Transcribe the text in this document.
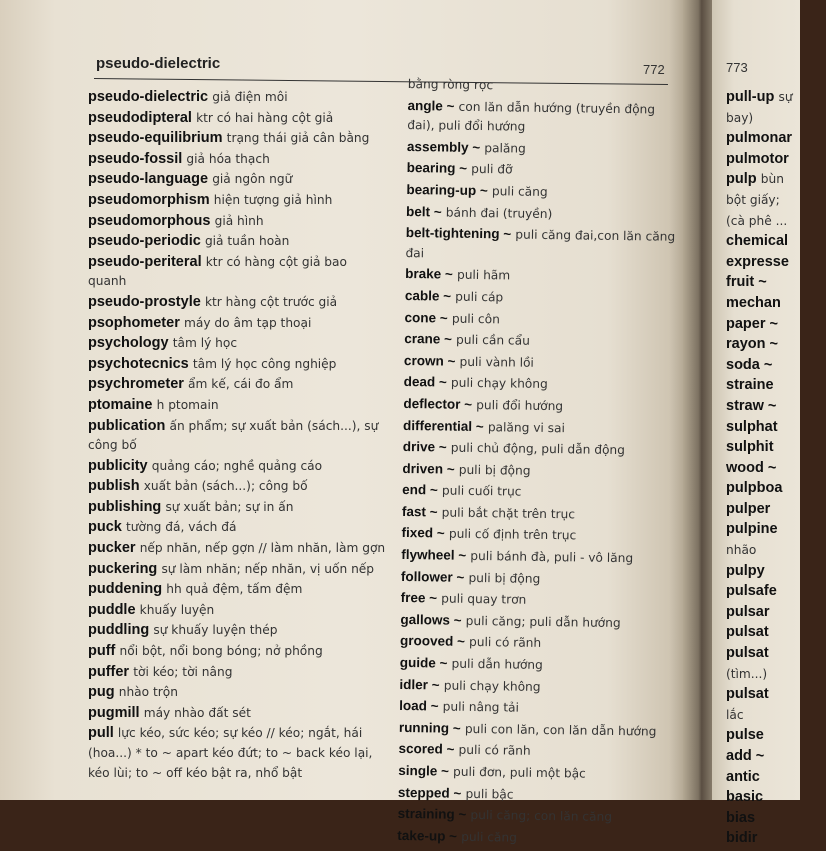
pseudo-dielectric	772
pseudo-dielectric giả điện môi
pseudodipteral ktr có hai hàng cột giả
pseudo-equilibrium trạng thái giả cân bằng
pseudo-fossil giả hóa thạch
pseudo-language giả ngôn ngữ
pseudomorphism hiện tượng giả hình
pseudomorphous giả hình
pseudo-periodic giả tuần hoàn
pseudo-periteral ktr có hàng cột giả bao quanh
pseudo-prostyle ktr hàng cột trước giả
psophometer máy do âm tạp thoại
psychology tâm lý học
psychotecnics tâm lý học công nghiệp
psychrometer ẩm kế, cái đo ẩm
ptomaine h ptomain
publication ấn phẩm; sự xuất bản (sách...), sự công bố
publicity quảng cáo; nghề quảng cáo
publish xuất bản (sách...); công bố
publishing sự xuất bản; sự in ấn
puck tường đá, vách đá
pucker nếp nhăn, nếp gợn // làm nhăn, làm gợn
puckering sự làm nhăn; nếp nhăn, vị uốn nếp
puddening hh quả đệm, tấm đệm
puddle khuấy luyện
puddling sự khuấy luyện thép
puff nổi bột, nổi bong bóng; nở phồng
puffer tời kéo; tời nâng
pug nhào trộn
pugmill máy nhào đất sét
pull lực kéo, sức kéo; sự kéo // kéo; ngắt, hái (hoa...) * to ~ apart kéo đứt; to ~ back kéo lại, kéo lùi; to ~ off kéo bật ra, nhổ bật
bằng ròng rọc
angle ~ con lăn dẫn hướng (truyền động đai), puli đổi hướng
assembly ~ palăng
bearing ~ puli đỡ
bearing-up ~ puli căng
belt ~ bánh đai (truyền)
belt-tightening ~ puli căng đai,con lăn căng đai
brake ~ puli hãm
cable ~ puli cáp
cone ~ puli côn
crane ~ puli cần cẩu
crown ~ puli vành lồi
dead ~ puli chạy không
deflector ~ puli đổi hướng
differential ~ palăng vi sai
drive ~ puli chủ động, puli dẫn động
driven ~ puli bị động
end ~ puli cuối trục
fast ~ puli bắt chặt trên trục
fixed ~ puli cố định trên trục
flywheel ~ puli bánh đà, puli - vô lăng
follower ~ puli bị động
free ~ puli quay trơn
gallows ~ puli căng; puli dẫn hướng
grooved ~ puli có rãnh
guide ~ puli dẫn hướng
idler ~ puli chạy không
load ~ puli nâng tải
running ~ puli con lăn, con lăn dẫn hướng
scored ~ puli có rãnh
single ~ puli đơn, puli một bậc
stepped ~ puli bậc
straining ~ puli căng; con lăn căng
take-up ~ puli căng
773
pull-up sự
bay)
pulmonar
pulmotor
pulp bùn
bột giấy;
(cà phê ...
chemical
expresse
fruit ~
mechan
paper ~
rayon ~
soda ~
straine
straw ~
sulphat
sulphit
wood ~
pulpboa
pulper
pulpine
nhão
pulpy
pulsafe
pulsar
pulsat
pulsat
(tìm...)
pulsat
lắc
pulse
add ~
antic
basic
bias
bidir
